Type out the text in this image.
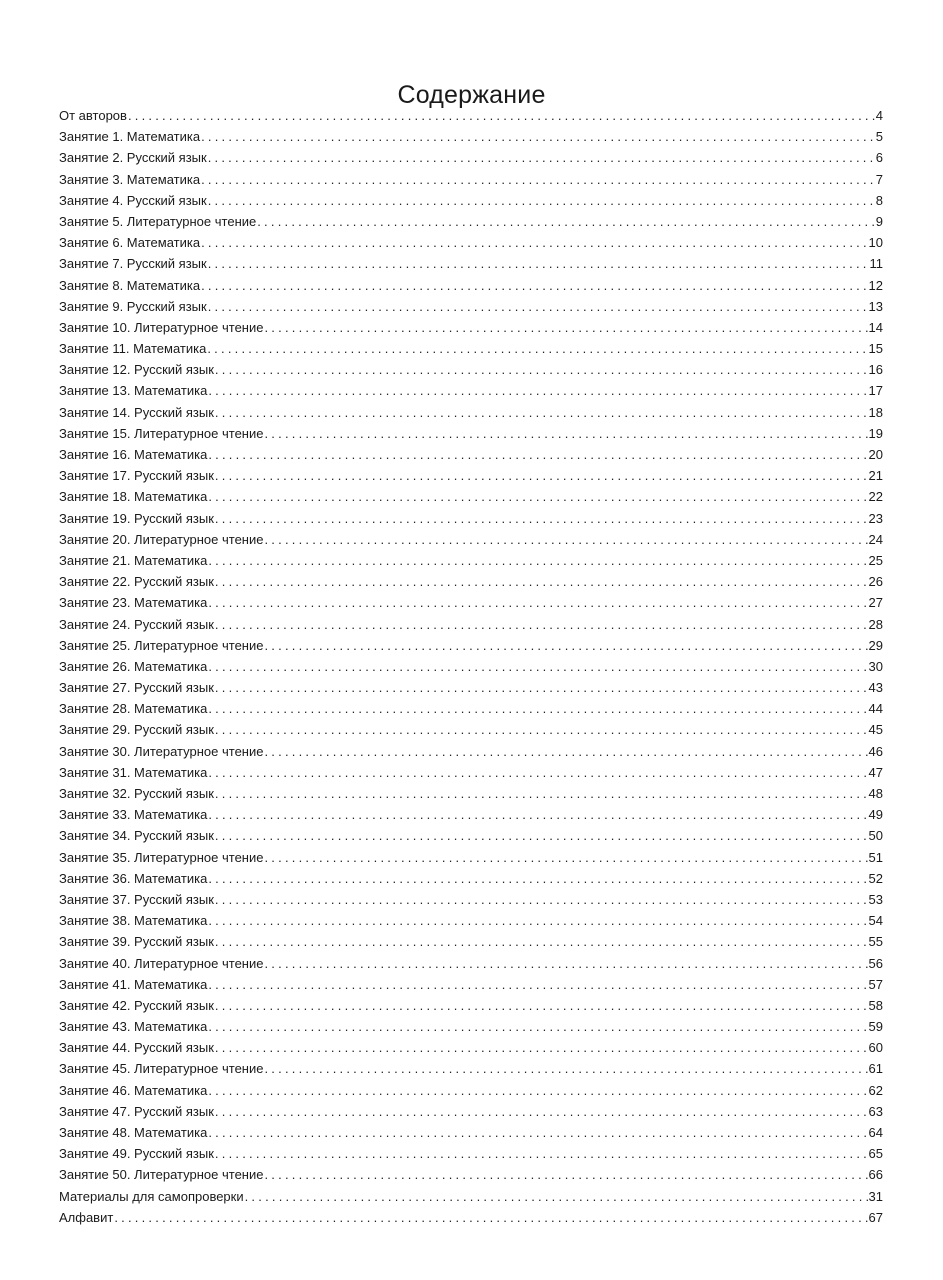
Содержание
От авторов . . .	4
Занятие 1. Математика . . .	5
Занятие 2. Русский язык . . .	6
Занятие 3. Математика . . .	7
Занятие 4. Русский язык . . .	8
Занятие 5. Литературное чтение . . .	9
Занятие 6. Математика . . .	10
Занятие 7. Русский язык . . .	11
Занятие 8. Математика . . .	12
Занятие 9. Русский язык . . .	13
Занятие 10. Литературное чтение . . .	14
Занятие 11. Математика . . .	15
Занятие 12. Русский язык . . .	16
Занятие 13. Математика . . .	17
Занятие 14. Русский язык . . .	18
Занятие 15. Литературное чтение . . .	19
Занятие 16. Математика . . .	20
Занятие 17. Русский язык . . .	21
Занятие 18. Математика . . .	22
Занятие 19. Русский язык . . .	23
Занятие 20. Литературное чтение . . .	24
Занятие 21. Математика . . .	25
Занятие 22. Русский язык . . .	26
Занятие 23. Математика . . .	27
Занятие 24. Русский язык . . .	28
Занятие 25. Литературное чтение . . .	29
Занятие 26. Математика . . .	30
Занятие 27. Русский язык . . .	43
Занятие 28. Математика . . .	44
Занятие 29. Русский язык . . .	45
Занятие 30. Литературное чтение . . .	46
Занятие 31. Математика . . .	47
Занятие 32. Русский язык . . .	48
Занятие 33. Математика . . .	49
Занятие 34. Русский язык . . .	50
Занятие 35. Литературное чтение . . .	51
Занятие 36. Математика . . .	52
Занятие 37. Русский язык . . .	53
Занятие 38. Математика . . .	54
Занятие 39. Русский язык . . .	55
Занятие 40. Литературное чтение . . .	56
Занятие 41. Математика . . .	57
Занятие 42. Русский язык . . .	58
Занятие 43. Математика . . .	59
Занятие 44. Русский язык . . .	60
Занятие 45. Литературное чтение . . .	61
Занятие 46. Математика . . .	62
Занятие 47. Русский язык . . .	63
Занятие 48. Математика . . .	64
Занятие 49. Русский язык . . .	65
Занятие 50. Литературное чтение . . .	66
Материалы для самопроверки . . .	31
Алфавит . . .	67
